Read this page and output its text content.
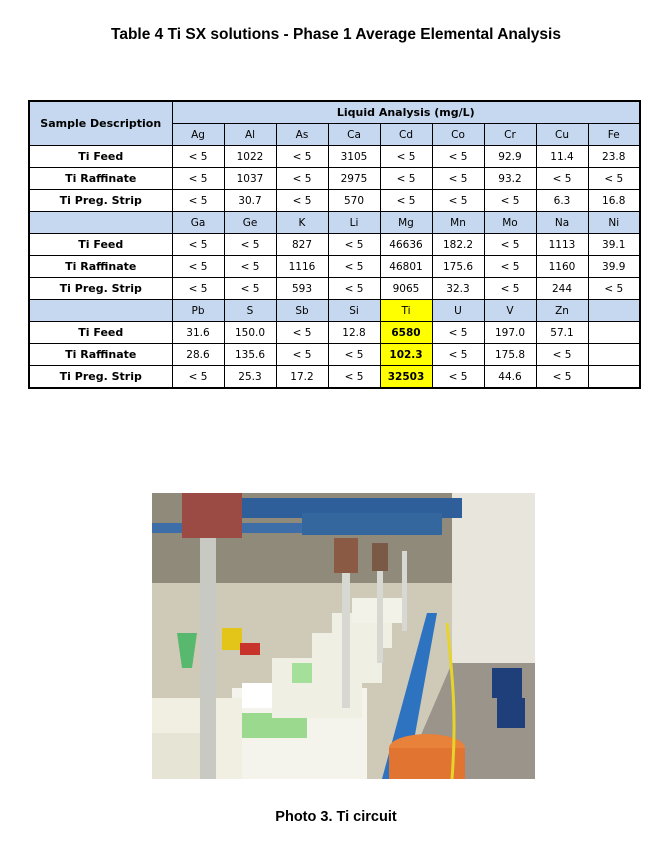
Table 4 Ti SX solutions - Phase 1 Average Elemental Analysis
Sample Description	Liquid Analysis (mg/L)								
	Ag	Al	As	Ca	Cd	Co	Cr	Cu	Fe
Ti Feed	< 5	1022	< 5	3105	< 5	< 5	92.9	11.4	23.8
Ti Raffinate	< 5	1037	< 5	2975	< 5	< 5	93.2	< 5	< 5
Ti Preg. Strip	< 5	30.7	< 5	570	< 5	< 5	< 5	6.3	16.8
	Ga	Ge	K	Li	Mg	Mn	Mo	Na	Ni
Ti Feed	< 5	< 5	827	< 5	46636	182.2	< 5	1113	39.1
Ti Raffinate	< 5	< 5	1116	< 5	46801	175.6	< 5	1160	39.9
Ti Preg. Strip	< 5	< 5	593	< 5	9065	32.3	< 5	244	< 5
	Pb	S	Sb	Si	Ti	U	V	Zn	
Ti Feed	31.6	150.0	< 5	12.8	6580	< 5	197.0	57.1	
Ti Raffinate	28.6	135.6	< 5	< 5	102.3	< 5	175.8	< 5	
Ti Preg. Strip	< 5	25.3	17.2	< 5	32503	< 5	44.6	< 5	
Photo 3. Ti circuit
